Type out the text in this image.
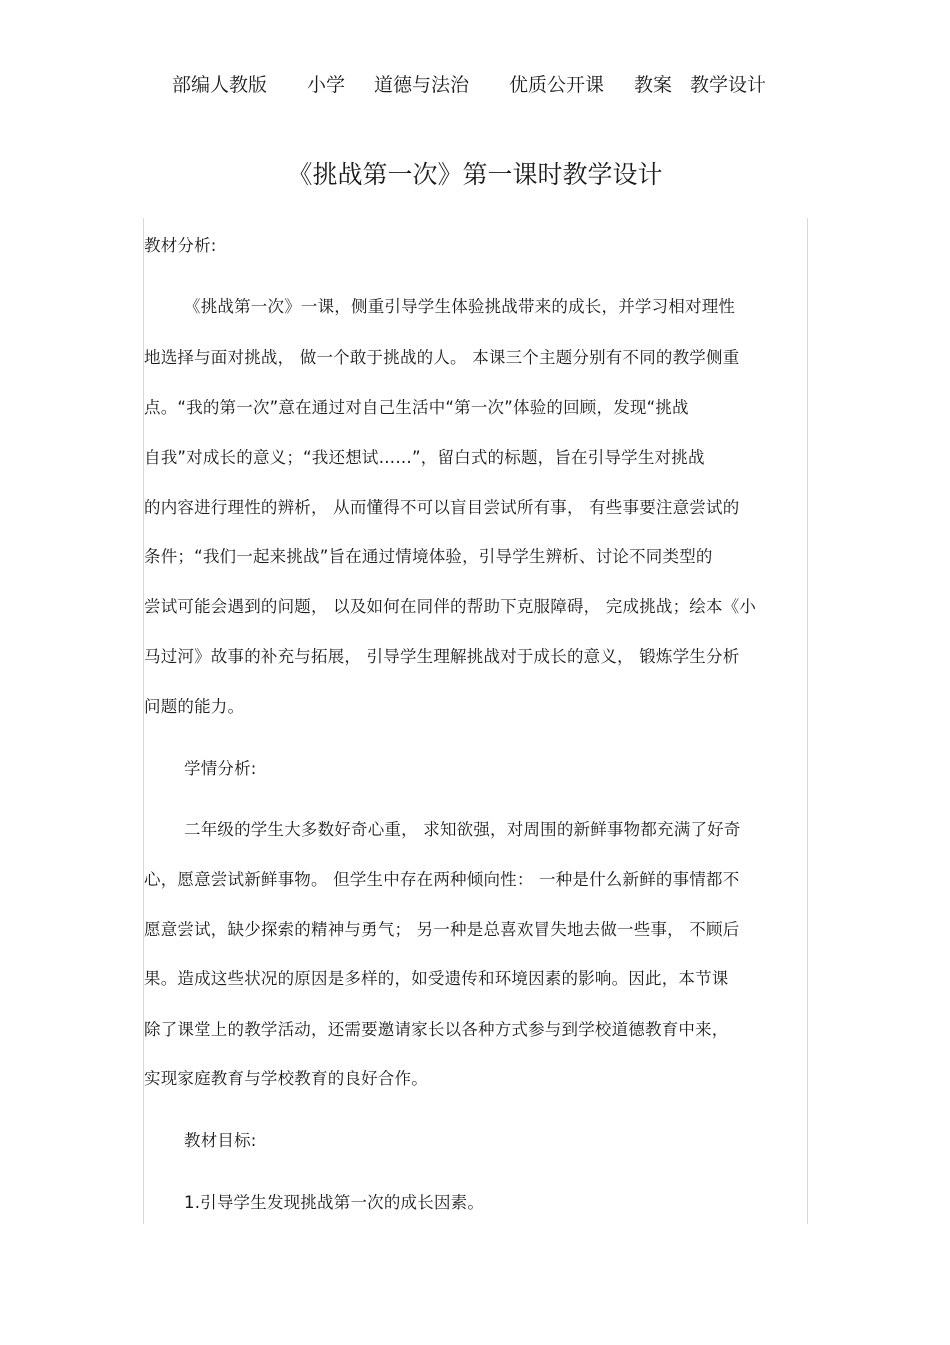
部编人教版 小学 道德与法治 优质公开课 教案 教学设计
《挑战第一次》第一课时教学设计
教材分析:
《挑战第一次》一课，侧重引导学生体验挑战带来的成长，并学习相对理性
地选择与面对挑战， 做一个敢于挑战的人。 本课三个主题分别有不同的教学侧重
点。“我的第一次”意在通过对自己生活中“第一次”体验的回顾，发现“挑战
自我”对成长的意义；“我还想试……”，留白式的标题，旨在引导学生对挑战
的内容进行理性的辨析， 从而懂得不可以盲目尝试所有事， 有些事要注意尝试的
条件；“我们一起来挑战”旨在通过情境体验，引导学生辨析、讨论不同类型的
尝试可能会遇到的问题， 以及如何在同伴的帮助下克服障碍， 完成挑战；绘本《小
马过河》故事的补充与拓展， 引导学生理解挑战对于成长的意义， 锻炼学生分析
问题的能力。
学情分析:
二年级的学生大多数好奇心重， 求知欲强，对周围的新鲜事物都充满了好奇
心，愿意尝试新鲜事物。 但学生中存在两种倾向性： 一种是什么新鲜的事情都不
愿意尝试，缺少探索的精神与勇气； 另一种是总喜欢冒失地去做一些事， 不顾后
果。造成这些状况的原因是多样的，如受遗传和环境因素的影响。因此，本节课
除了课堂上的教学活动，还需要邀请家长以各种方式参与到学校道德教育中来，
实现家庭教育与学校教育的良好合作。
教材目标:
1.引导学生发现挑战第一次的成长因素。
